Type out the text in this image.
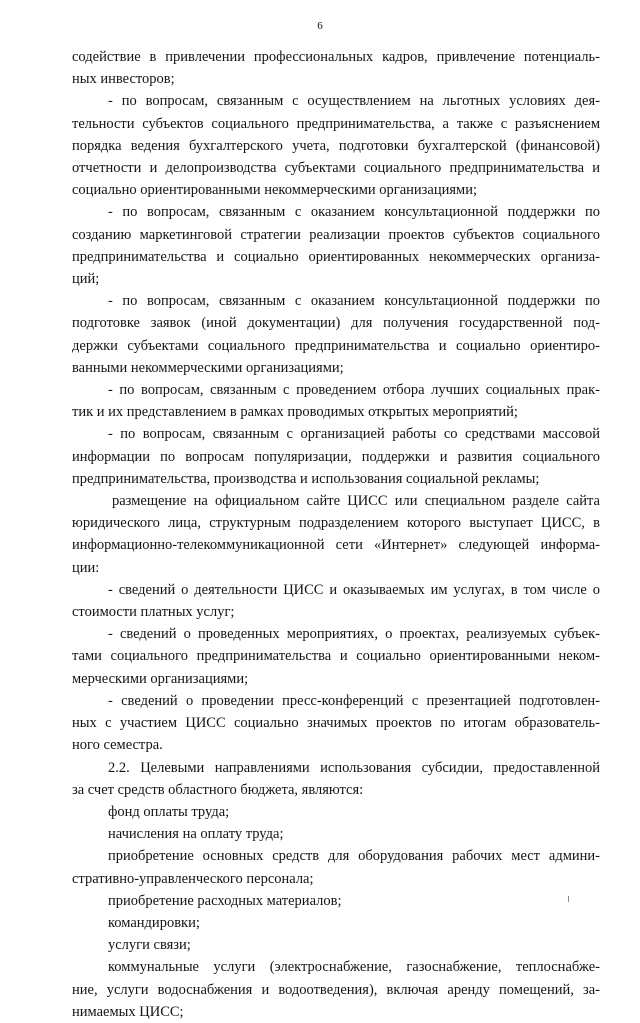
6
содействие в привлечении профессиональных кадров, привлечение потенциаль-
ных инвесторов;
- по вопросам, связанным с осуществлением на льготных условиях дея-
тельности субъектов социального предпринимательства, а также с разъяснением
порядка ведения бухгалтерского учета, подготовки бухгалтерской (финансовой)
отчетности и делопроизводства субъектами социального предпринимательства и
социально ориентированными некоммерческими организациями;
- по вопросам, связанным с оказанием консультационной поддержки по
созданию маркетинговой стратегии реализации проектов субъектов социального
предпринимательства и социально ориентированных некоммерческих организа-
ций;
- по вопросам, связанным с оказанием консультационной поддержки по
подготовке заявок (иной документации) для получения государственной под-
держки субъектами социального предпринимательства и социально ориентиро-
ванными некоммерческими организациями;
- по вопросам, связанным с проведением отбора лучших социальных прак-
тик и их представлением в рамках проводимых открытых мероприятий;
- по вопросам, связанным с организацией работы со средствами массовой
информации по вопросам популяризации, поддержки и развития социального
предпринимательства, производства и использования социальной рекламы;
размещение на официальном сайте ЦИСС или специальном разделе сайта
юридического лица, структурным подразделением которого выступает ЦИСС, в
информационно-телекоммуникационной сети «Интернет» следующей информа-
ции:
- сведений о деятельности ЦИСС и оказываемых им услугах, в том числе о
стоимости платных услуг;
- сведений о проведенных мероприятиях, о проектах, реализуемых субъек-
тами социального предпринимательства и социально ориентированными неком-
мерческими организациями;
- сведений о проведении пресс-конференций с презентацией подготовлен-
ных с участием ЦИСС социально значимых проектов по итогам образователь-
ного семестра.
2.2. Целевыми направлениями использования субсидии, предоставленной
за счет средств областного бюджета, являются:
фонд оплаты труда;
начисления на оплату труда;
приобретение основных средств для оборудования рабочих мест админи-
стративно-управленческого персонала;
приобретение расходных материалов;
командировки;
услуги связи;
коммунальные услуги (электроснабжение, газоснабжение, теплоснабже-
ние, услуги водоснабжения и водоотведения), включая аренду помещений, за-
нимаемых ЦИСС;
